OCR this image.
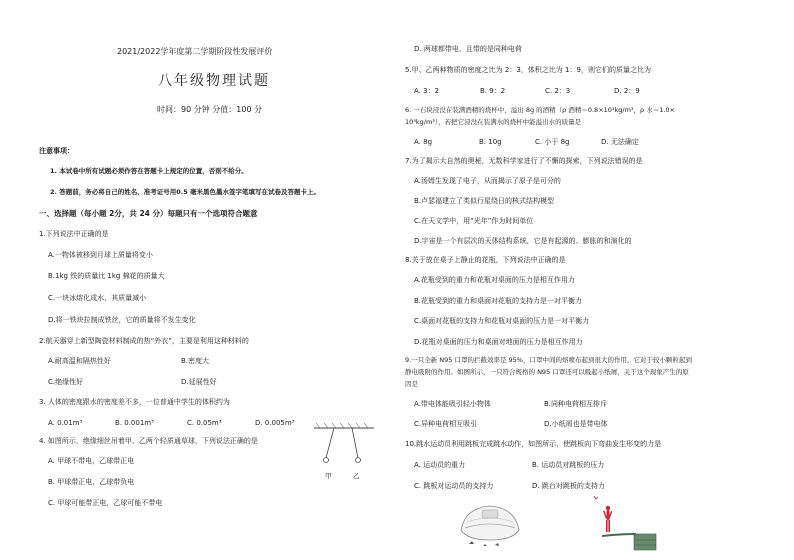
2021/2022学年度第二学期阶段性发展评价
八年级物理试题
时间：90 分钟 分值：100 分
注意事项：
1. 本试卷中所有试题必须作答在答题卡上规定的位置，否则不给分。
2. 答题前，务必将自己的姓名、准考证号用0.5 毫米黑色墨水签字笔填写在试卷及答题卡上。
一、选择题（每小题 2分，共 24 分）每题只有一个选项符合题意
1.下列说法中正确的是
A.一物体被移到月球上质量将变小
B.1kg 铁的质量比 1kg 棉花的质量大
C.一块冰熔化成水，其质量减小
D.将一铁块拉制成铁丝，它的质量将不发生变化
2.航天器穿上新型陶瓷材料制成的热“外衣”，主要是利用这种材料的
A.耐高温和隔热性好	B.密度大
C.绝缘性好	D.延展性好
3. 人体的密度跟水的密度差不多，一位普通中学生的体积约为
A. 0.01m³	B. 0.001m³	C. 0.05m³	D. 0.005m³
4. 如图所示，绝缘细丝吊着甲、乙两个轻质通草球，下列说法正确的是
A. 甲球不带电，乙球带正电
B. 甲球带正电，乙球带负电
C. 甲球可能带正电，乙球可能不带电
甲	乙
D. 两球都带电，且带的是同种电荷
5.甲、乙两种物质的密度之比为 2：3，体积之比为 1：9，则它们的质量之比为
A. 3：2	B. 9：2	C. 2：3	D. 2：9
6. 一石块浸没在装满酒精的烧杯中，溢出 8g 的酒精（ρ 酒精＝0.8×10³kg/m³，ρ 水＝1.0×
10³kg/m³），若把它浸没在装满水的烧杯中能溢出水的质量是
A. 8g	B. 10g	C. 小于 8g	D. 无法确定
7.为了揭示大自然的奥秘，无数科学家进行了不懈的探索，下列说法错误的是
A.汤姆生发现了电子，从而揭示了原子是可分的
B.卢瑟福建立了类似行星绕日的核式结构模型
C.在天文学中，用“光年”作为时间单位
D.宇宙是一个有层次的天体结构系统，它是有起源的、膨胀的和演化的
8.关于放在桌子上静止的花瓶，下列说法中正确的是
A.花瓶受到的重力和花瓶对桌面的压力是相互作用力
B.花瓶受到的重力和桌面对花瓶的支持力是一对平衡力
C.桌面对花瓶的支持力和花瓶对桌面的压力是一对平衡力
D.花瓶对桌面的压力和桌面对地面的压力是相互作用力
9.一只全新 N95 口罩的拦截效率是 95%，口罩中间的熔喷布起到很大的作用，它对于较小颗粒起到
静电吸附的作用。如图所示，一只符合规格的 N95 口罩还可以吸起小纸屑，关于这个现象产生的原
因是
A.带电体能吸引轻小物体	B.同种电荷相互排斥
C.异种电荷相互吸引	D.小纸屑也是带电体
10.跳水运动员利用跳板完成跳水动作，如图所示，使跳板向下弯曲发生形变的力是
A. 运动员的重力	B. 运动员对跳板的压力
C. 跳板对运动员的支持力	D. 跳台对跳板的支持力
